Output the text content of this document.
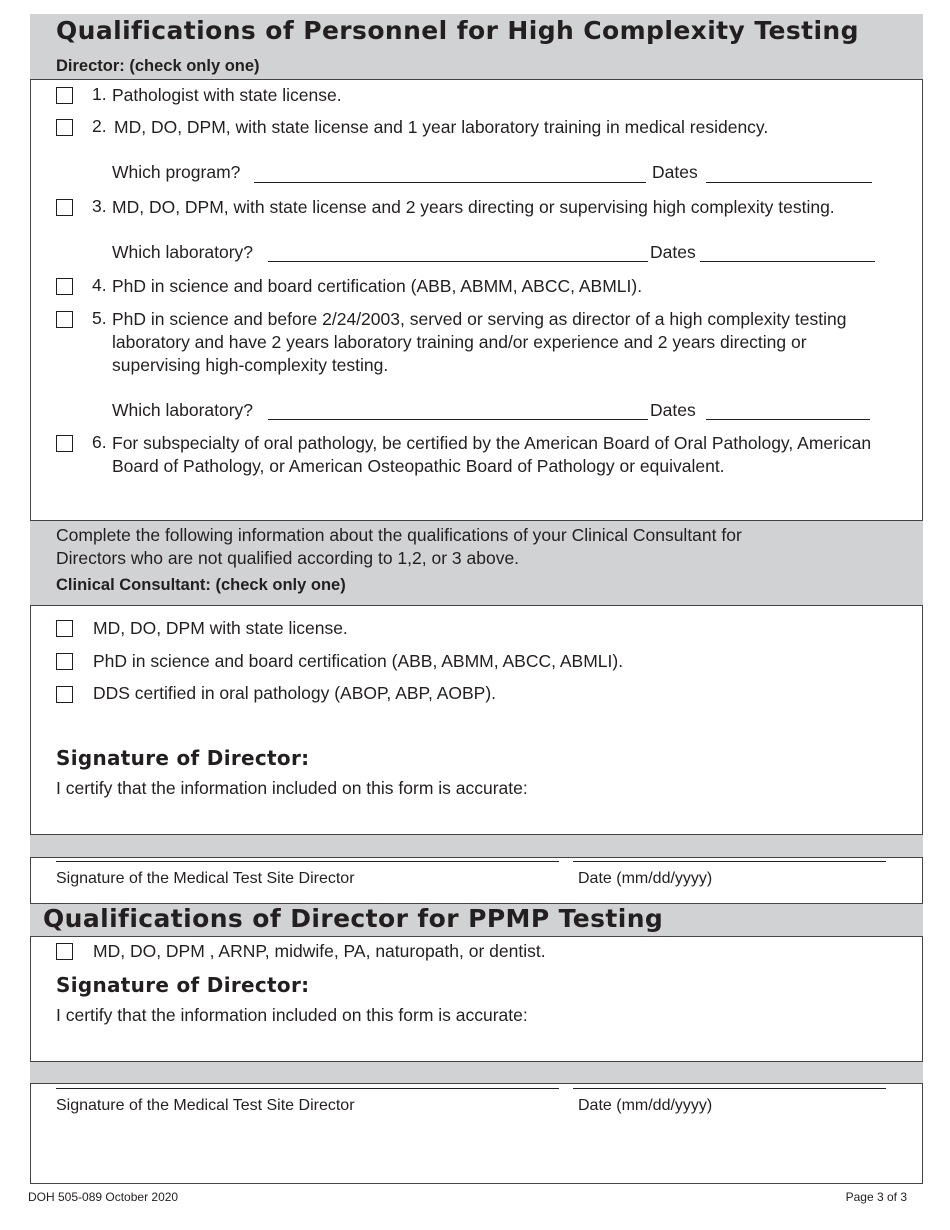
Qualifications of Personnel for High Complexity Testing
Director: (check only one)
1. Pathologist with state license.
2. MD, DO, DPM, with state license and 1 year laboratory training in medical residency.
Which program?	Dates
3. MD, DO, DPM, with state license and 2 years directing or supervising high complexity testing.
Which laboratory?	Dates
4. PhD in science and board certification (ABB, ABMM, ABCC, ABMLI).
5. PhD in science and before 2/24/2003, served or serving as director of a high complexity testing laboratory and have 2 years laboratory training and/or experience and 2 years directing or supervising high-complexity testing.
Which laboratory?	Dates
6. For subspecialty of oral pathology, be certified by the American Board of Oral Pathology, American Board of Pathology, or American Osteopathic Board of Pathology or equivalent.
Complete the following information about the qualifications of your Clinical Consultant for Directors who are not qualified according to 1,2, or 3 above.
Clinical Consultant: (check only one)
MD, DO, DPM with state license.
PhD in science and board certification (ABB, ABMM, ABCC, ABMLI).
DDS certified in oral pathology (ABOP, ABP, AOBP).
Signature of Director:
I certify that the information included on this form is accurate:
Signature of the Medical Test Site Director	Date (mm/dd/yyyy)
Qualifications of Director for PPMP Testing
MD, DO, DPM , ARNP, midwife, PA, naturopath, or dentist.
Signature of Director:
I certify that the information included on this form is accurate:
Signature of the Medical Test Site Director	Date (mm/dd/yyyy)
DOH 505-089 October 2020	Page 3 of 3
